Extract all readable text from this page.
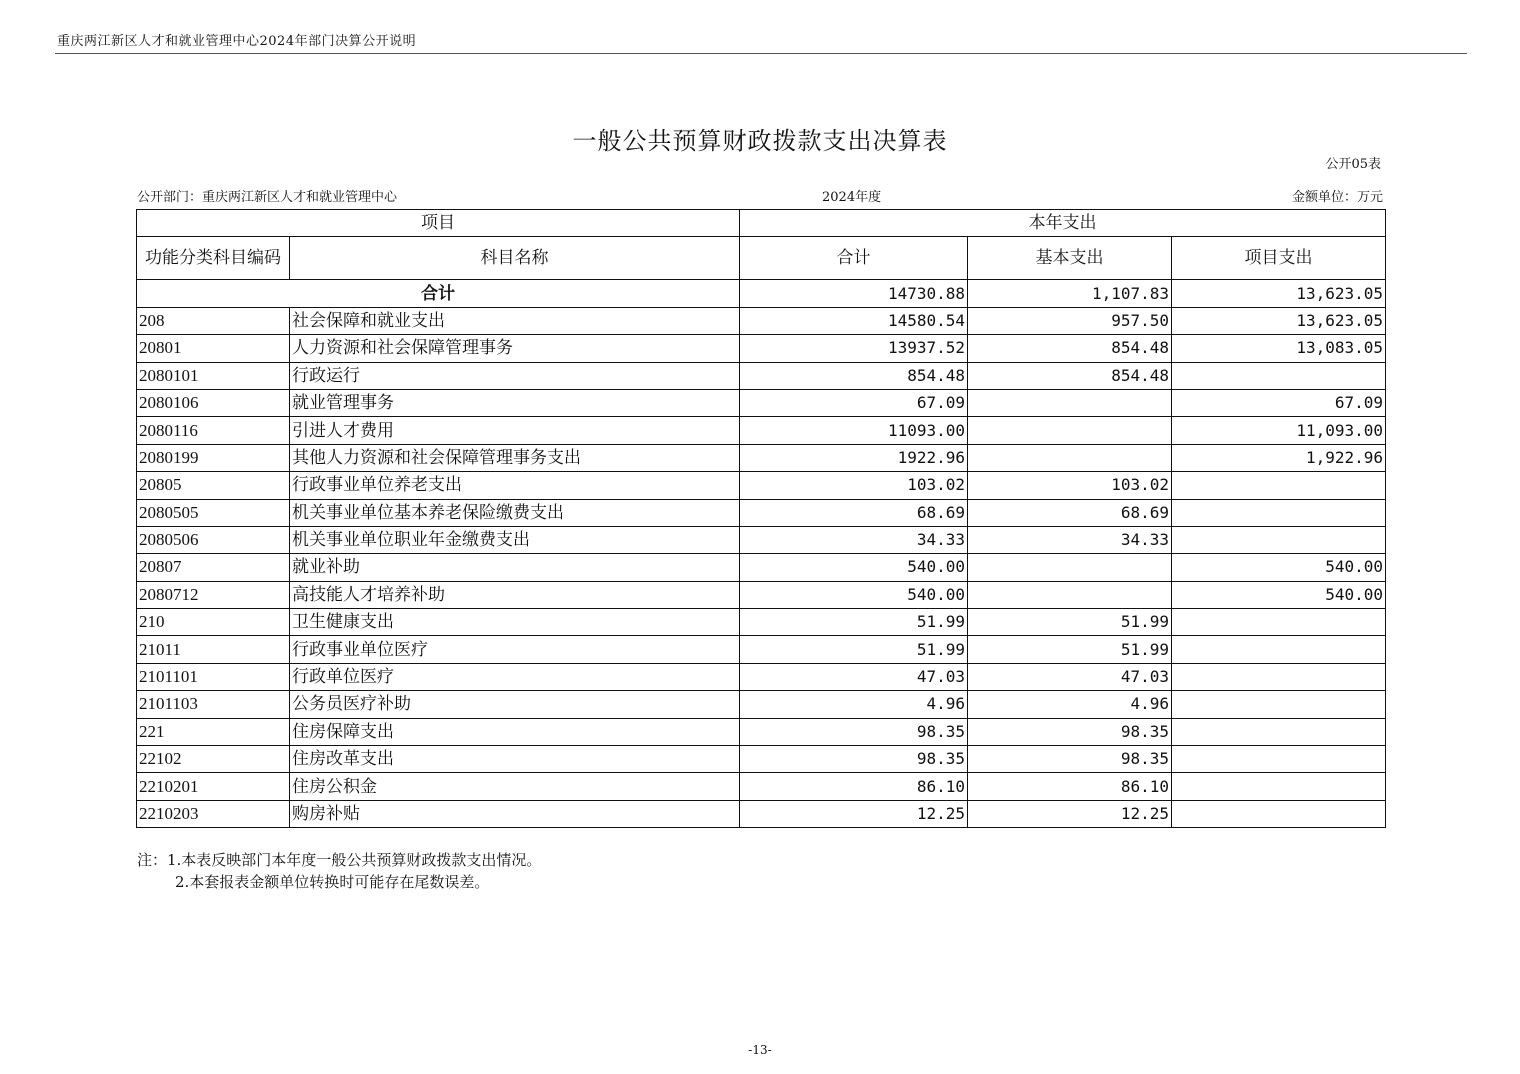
重庆两江新区人才和就业管理中心2024年部门决算公开说明
一般公共预算财政拨款支出决算表
公开05表
公开部门：重庆两江新区人才和就业管理中心	2024年度	金额单位：万元
项目		本年支出		
功能分类科目编码	科目名称	合计	基本支出	项目支出
合计		14730.88	1,107.83	13,623.05
208	社会保障和就业支出	14580.54	957.50	13,623.05
20801	人力资源和社会保障管理事务	13937.52	854.48	13,083.05
2080101	行政运行	854.48	854.48	
2080106	就业管理事务	67.09		67.09
2080116	引进人才费用	11093.00		11,093.00
2080199	其他人力资源和社会保障管理事务支出	1922.96		1,922.96
20805	行政事业单位养老支出	103.02	103.02	
2080505	机关事业单位基本养老保险缴费支出	68.69	68.69	
2080506	机关事业单位职业年金缴费支出	34.33	34.33	
20807	就业补助	540.00		540.00
2080712	高技能人才培养补助	540.00		540.00
210	卫生健康支出	51.99	51.99	
21011	行政事业单位医疗	51.99	51.99	
2101101	行政单位医疗	47.03	47.03	
2101103	公务员医疗补助	4.96	4.96	
221	住房保障支出	98.35	98.35	
22102	住房改革支出	98.35	98.35	
2210201	住房公积金	86.10	86.10	
2210203	购房补贴	12.25	12.25	
注：1.本表反映部门本年度一般公共预算财政拨款支出情况。
2.本套报表金额单位转换时可能存在尾数误差。
-13-
